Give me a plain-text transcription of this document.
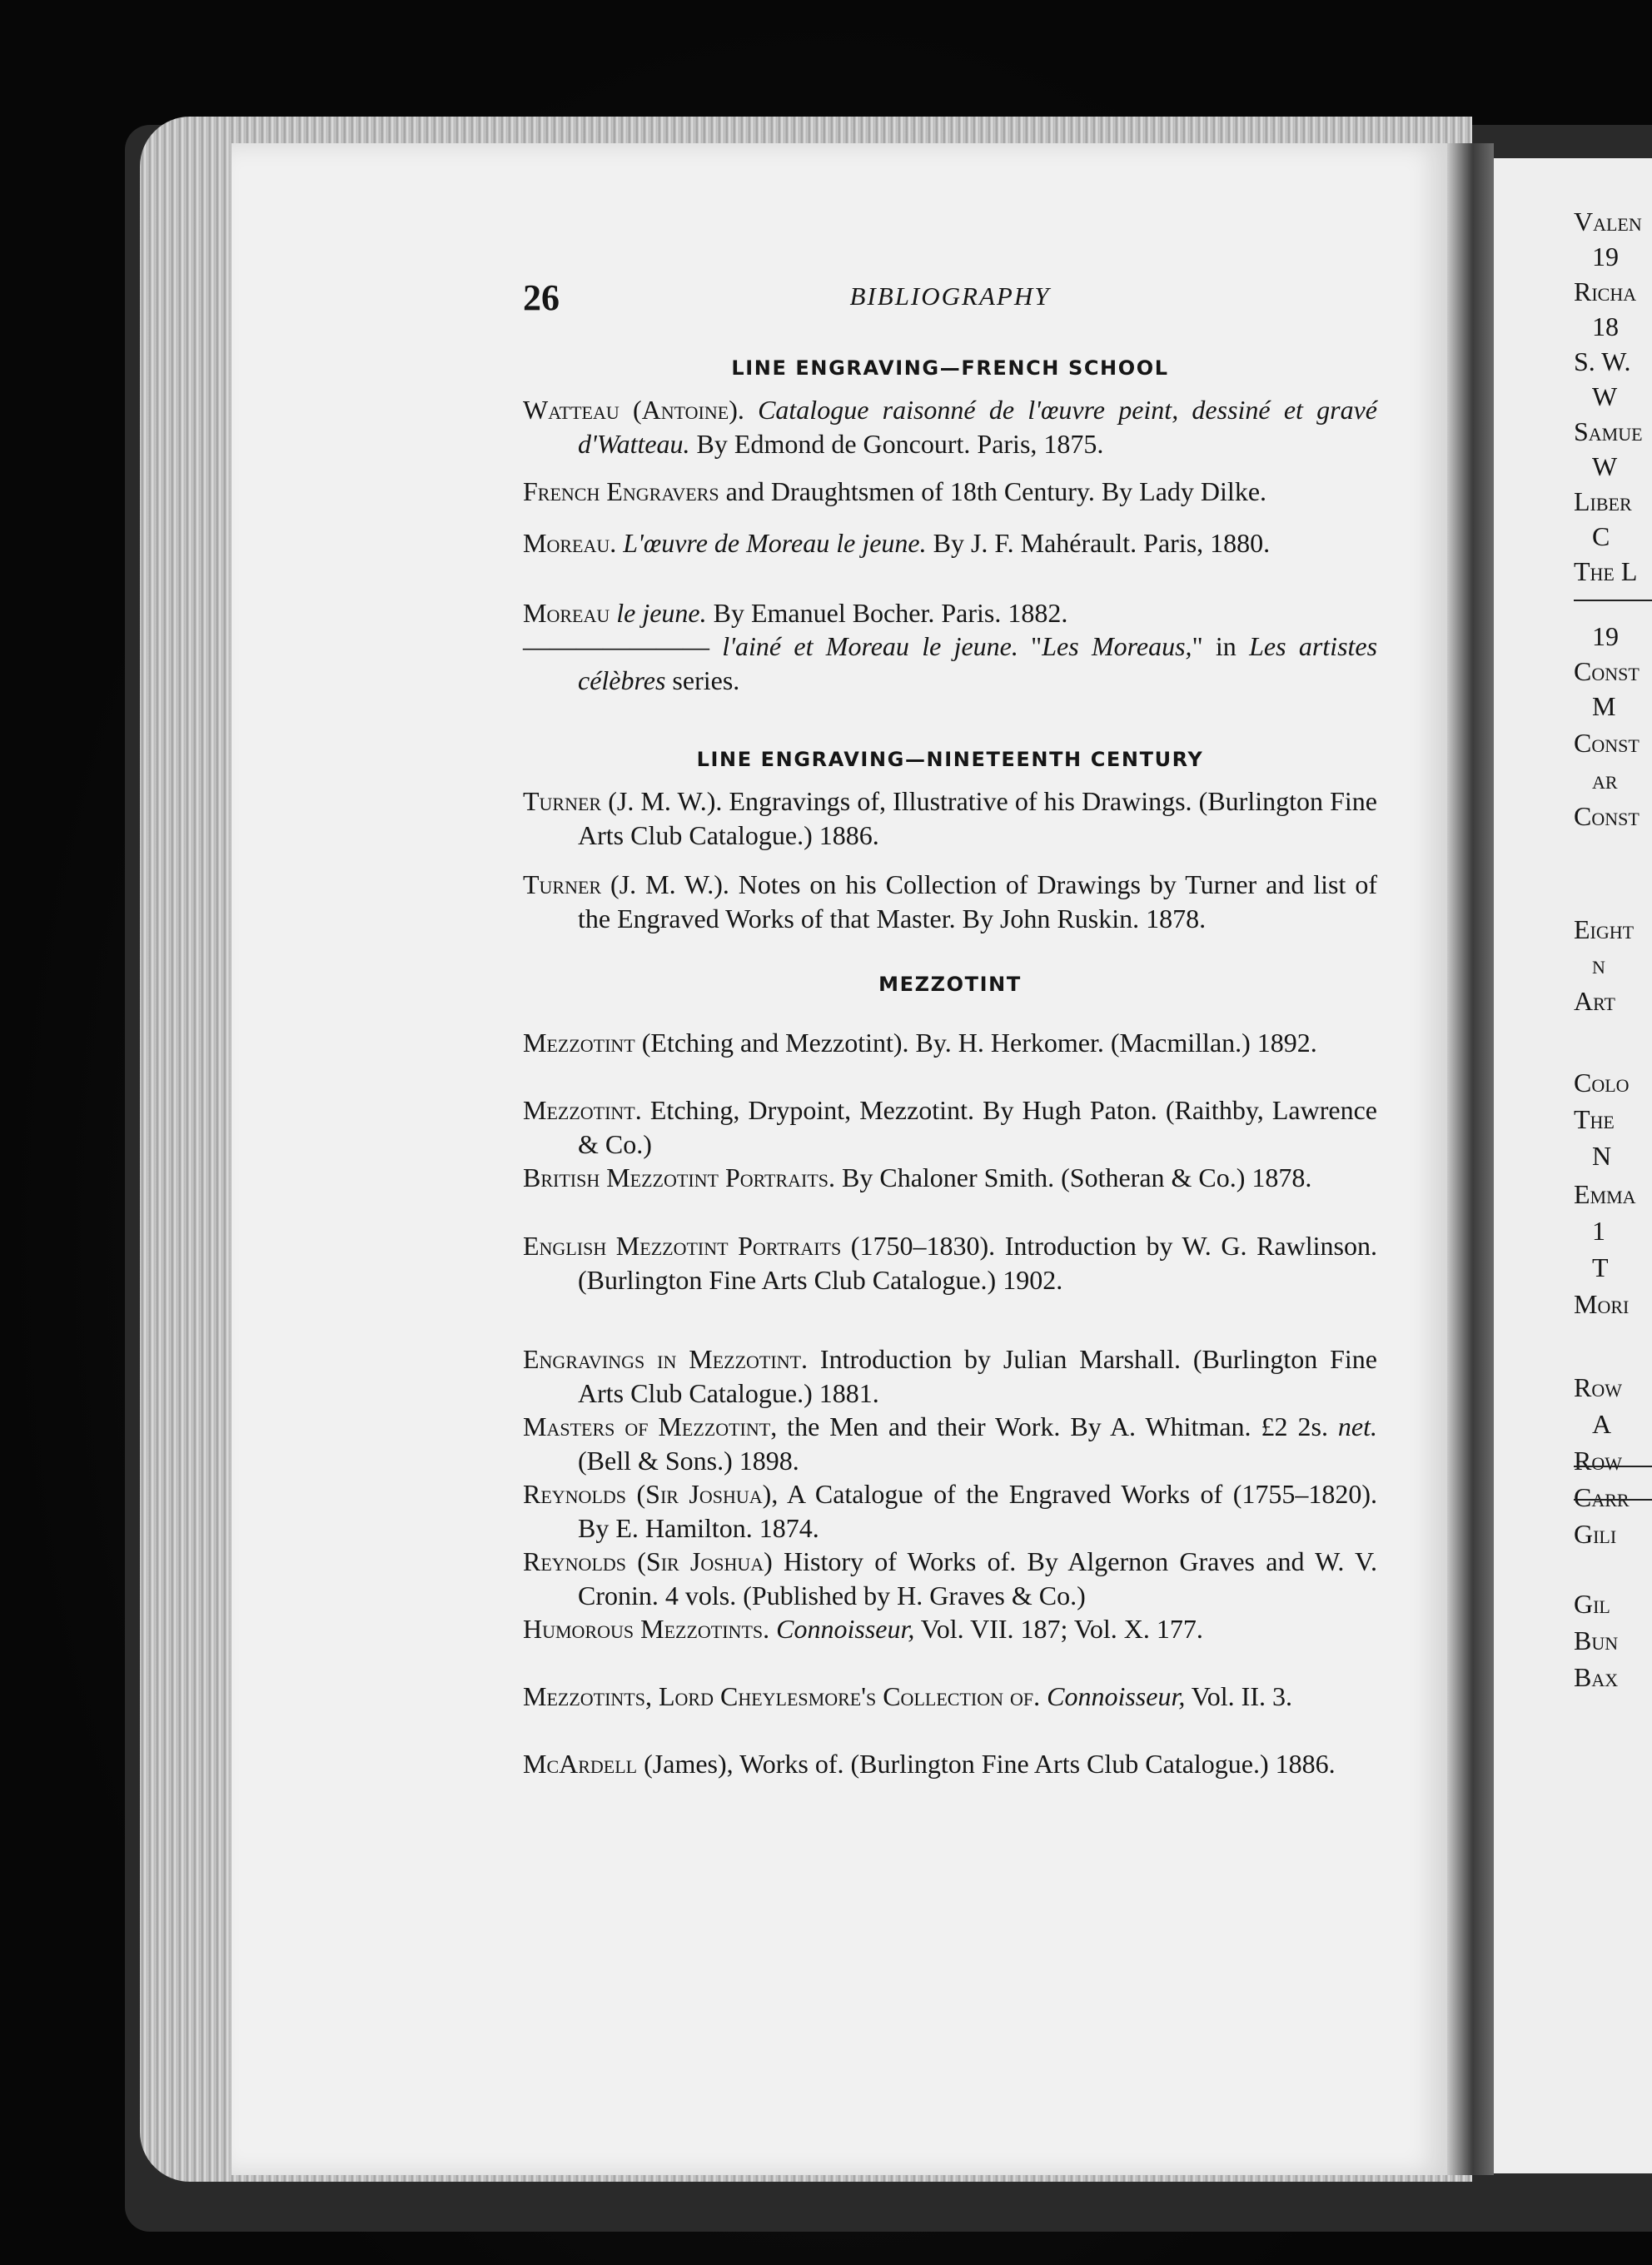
Valen
19
Richa
18
S. W.
W
Samue
W
Liber
C
The L
19
Const
M
Const
ar
Const
Eight
n
Art
Colo
The
N
Emma
1
T
Mori
Row
A
Row
Carr
Gili
Gil
Bun
Bax
26	BIBLIOGRAPHY
LINE ENGRAVING—FRENCH SCHOOL
Watteau (Antoine). Catalogue raisonné de l'œuvre peint, dessiné et gravé d'Watteau. By Edmond de Goncourt. Paris, 1875.
French Engravers and Draughtsmen of 18th Century. By Lady Dilke.
Moreau. L'œuvre de Moreau le jeune. By J. F. Mahérault. Paris, 1880.
Moreau le jeune. By Emanuel Bocher. Paris. 1882.
——————— l'ainé et Moreau le jeune. "Les Moreaus," in Les artistes célèbres series.
LINE ENGRAVING—NINETEENTH CENTURY
Turner (J. M. W.). Engravings of, Illustrative of his Drawings. (Burlington Fine Arts Club Catalogue.) 1886.
Turner (J. M. W.). Notes on his Collection of Drawings by Turner and list of the Engraved Works of that Master. By John Ruskin. 1878.
MEZZOTINT
Mezzotint (Etching and Mezzotint). By. H. Herkomer. (Macmillan.) 1892.
Mezzotint. Etching, Drypoint, Mezzotint. By Hugh Paton. (Raithby, Lawrence & Co.)
British Mezzotint Portraits. By Chaloner Smith. (Sotheran & Co.) 1878.
English Mezzotint Portraits (1750–1830). Introduction by W. G. Rawlinson. (Burlington Fine Arts Club Catalogue.) 1902.
Engravings in Mezzotint. Introduction by Julian Marshall. (Burlington Fine Arts Club Catalogue.) 1881.
Masters of Mezzotint, the Men and their Work. By A. Whitman. £2 2s. net. (Bell & Sons.) 1898.
Reynolds (Sir Joshua), A Catalogue of the Engraved Works of (1755–1820). By E. Hamilton. 1874.
Reynolds (Sir Joshua) History of Works of. By Algernon Graves and W. V. Cronin. 4 vols. (Published by H. Graves & Co.)
Humorous Mezzotints. Connoisseur, Vol. VII. 187; Vol. X. 177.
Mezzotints, Lord Cheylesmore's Collection of. Connoisseur, Vol. II. 3.
McArdell (James), Works of. (Burlington Fine Arts Club Catalogue.) 1886.
